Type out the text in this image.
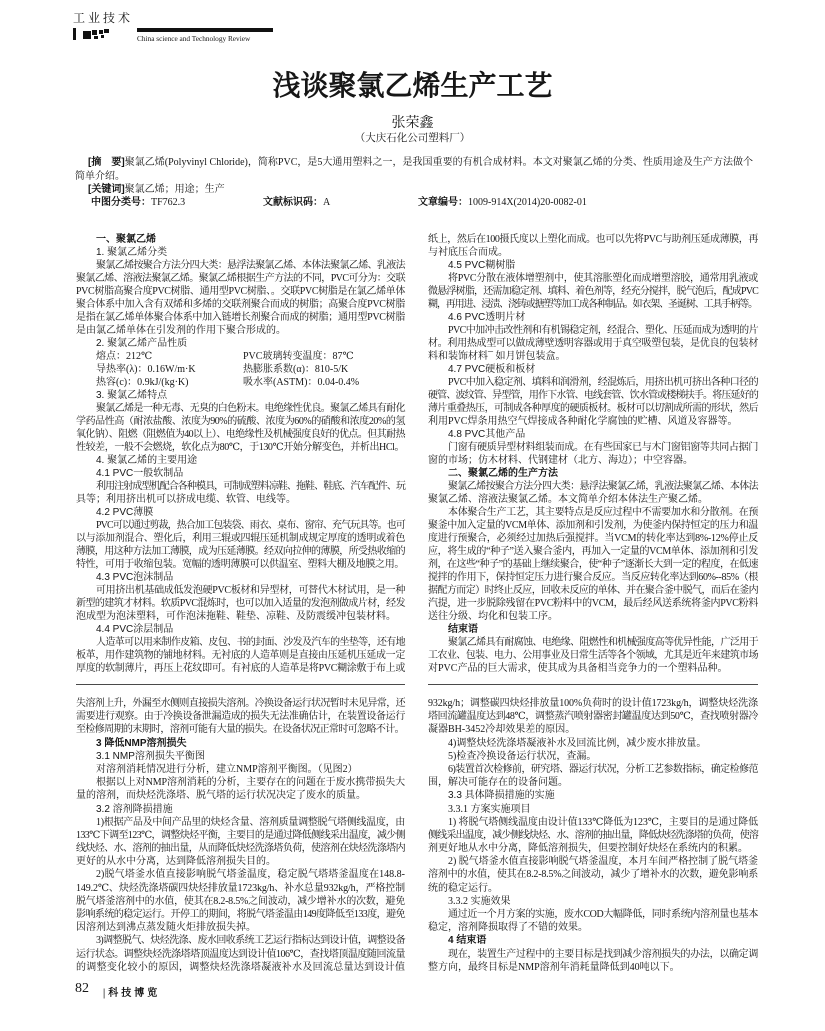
工业技术
China science and Technology Review
浅谈聚氯乙烯生产工艺
张荣鑫
（大庆石化公司塑料厂）
[摘　要]聚氯乙烯(Polyvinyl Chloride)，简称PVC，是5大通用塑料之一，是我国重要的有机合成材料。本文对聚氯乙烯的分类、性质用途及生产方法做个
简单介绍。
[关键词]聚氯乙烯；用途；生产
中图分类号：TF762.3	文献标识码：A	文章编号：1009-914X(2014)20-0082-01
一、聚氯乙烯
1. 聚氯乙烯分类
聚氯乙烯按聚合方法分四大类：悬浮法聚氯乙烯、本体法聚氯乙烯、乳液法
聚氯乙烯、溶液法聚氯乙烯。聚氯乙烯根据生产方法的不同，PVC可分为：交联
PVC树脂高聚合度PVC树脂、通用型PVC树脂、。交联PVC树脂是在氯乙烯单体
聚合体系中加入含有双烯和多烯的交联剂聚合而成的树脂；高聚合度PVC树脂
是指在氯乙烯单体聚合体系中加入链增长剂聚合而成的树脂；通用型PVC树脂
是由氯乙烯单体在引发剂的作用下聚合形成的。
2. 聚氯乙烯产品性质
熔点：212℃	PVC玻璃转变温度：87℃
导热率(λ)：0.16W/m·K	热膨胀系数(α)：810-5/K
热容(c)：0.9kJ/(kg·K)	吸水率(ASTM)：0.04-0.4%
3. 聚氯乙烯特点
聚氯乙烯是一种无毒、无臭的白色粉末。电绝缘性优良。聚氯乙烯具有耐化
学药品性高（耐浓盐酸、浓度为90%的硫酸、浓度为60%的硝酸和浓度20%的氢
氧化钠）、阻燃（阻燃值为40以上）、电绝缘性及机械强度良好的优点。但其耐热
性较差，一般不会燃烧，软化点为80℃，于130℃开始分解变色，并析出HCl。
4. 聚氯乙烯的主要用途
4.1 PVC一般软制品
利用注射成型机配合各种模具，可制成塑料凉鞋、拖鞋、鞋底、汽车配件、玩
具等；利用挤出机可以挤成电缆、软管、电线等。
4.2 PVC薄膜
PVC可以通过剪裁，热合加工包装袋、雨衣、桌布、窗帘、充气玩具等。也可
以与添加剂混合、塑化后，利用三辊或四辊压延机制成规定厚度的透明或着色
薄膜，用这种方法加工薄膜，成为压延薄膜。经双向拉伸的薄膜，所受热收缩的
特性，可用于收缩包装。宽幅的透明薄膜可以供温室、塑料大棚及地膜之用。
4.3 PVC泡沫制品
可用挤出机基础成低发泡硬PVC板材和异型材，可替代木材试用，是一种
新型的建筑才材料。软质PVC混炼时，也可以加入适量的发泡剂做成片材，经发
泡成型为泡沫塑料，可作泡沫拖鞋、鞋垫、凉鞋、及防震缓冲包装材料。
4.4 PVC涂层制品
人造革可以用来制作皮箱、皮包、书的封面、沙发及汽车的坐垫等，还有地
板革，用作建筑物的铺地材料。无衬底的人造革则是直接由压延机压延成一定
厚度的软制薄片，再压上花纹即可。有衬底的人造革是将PVC糊涂敷于布上或
纸上，然后在100摄氏度以上塑化而成。也可以先将PVC与助剂压延成薄膜，再
与衬底压合而成。
4.5 PVC糊树脂
将PVC分散在液体增塑剂中，使其溶胀塑化而成增塑溶胶，通常用乳液或
微悬浮树脂，还需加稳定剂、填料、着色剂等，经充分搅拌，脱气泡后，配成PVC
糊，再用进、浸渍、浇铸或搪塑等加工成各种制品。如衣架、圣诞树、工具手柄等。
4.6 PVC透明片材
PVC中加冲击改性剂和有机锡稳定剂，经混合、塑化、压延而成为透明的片
材。利用热成型可以做成薄壁透明容器或用于真空吸塑包装，是优良的包装材
料和装饰材料¯ 如月饼包装盒。
4.7 PVC硬板和板材
PVC中加入稳定剂、填料和润滑剂，经混炼后，用挤出机可挤出各种口径的
硬管、波纹管、异型管，用作下水管、电线套管、饮水管或楼梯扶手。将压延好的
薄片重叠热压，可制成各种厚度的硬质板材。板材可以切割成所需的形状，然后
利用PVC焊条用热空气焊接成各种耐化学腐蚀的贮槽、风道及容器等。
4.8 PVC其他产品
门窗有硬质异型材料组装而成。在有些国家已与木门窗铝窗等共同占据门
窗的市场；仿木材料、代钢建材（北方、海边）；中空容器。
二、聚氯乙烯的生产方法
聚氯乙烯按聚合方法分四大类：悬浮法聚氯乙烯，乳液法聚氯乙烯、本体法
聚氯乙烯、溶液法聚氯乙烯。本文简单介绍本体法生产聚乙烯。
本体聚合生产工艺，其主要特点是反应过程中不需要加水和分散剂。在预
聚釜中加入定量的VCM单体、添加剂和引发剂，为使釜内保持恒定的压力和温
度进行预聚合，必须经过加热后强搅拌。当VCM的转化率达到8%-12%停止反
应，将生成的“种子”送入聚合釜内，再加入一定量的VCM单体、添加剂和引发
剂，在这些“种子”的基础上继续聚合，使“种子”逐渐长大到一定的程度，在低速
搅拌的作用下，保持恒定压力进行聚合反应。当反应转化率达到60%--85%（根
据配方而定）时终止反应，回收未反应的单体、并在聚合釜中脱气，而后在釜内
汽提，进一步脱除残留在PVC粉料中的VCM，最后经风送系统将釜内PVC粉料
送往分级、均化和包装工序。
结束语
聚氯乙烯具有耐腐蚀、电绝缘、阻燃性和机械强度高等优异性能，广泛用于
工农业、包装、电力、公用事业及日常生活等各个领域，尤其是近年来建筑市场
对PVC产品的巨大需求，使其成为具备相当竞争力的一个塑料品种。
失溶剂上升，外漏至水侧则直接损失溶剂。冷换设备运行状况暂时未见异常，还
需要进行观察。由于冷换设备泄漏造成的损失无法准确估计，在装置设备运行
至检修周期的末期时，溶剂可能有大量的损失。在设备状况正常时可忽略不计。
3 降低NMP溶剂损失
3.1 NMP溶剂损失平衡图
对溶剂消耗情况进行分析，建立NMP溶剂平衡图。（见图2）
根据以上对NMP溶剂消耗的分析，主要存在的问题在于废水携带损失大
量的溶剂，而炔烃洗涤塔、脱气塔的运行状况决定了废水的质量。
3.2 溶剂降损措施
1)根据产品及中间产品里的炔烃含量、溶剂质量调整脱气塔侧线温度，由
133℃下调至123℃，调整炔烃平衡，主要目的是通过降低侧线采出温度，减少侧
线炔烃、水、溶剂的抽出量，从而降低炔烃洗涤塔负荷，使溶剂在炔烃洗涤塔内
更好的从水中分离，达到降低溶剂损失目的。
2)脱气塔釜水值直接影响脱气塔釜温度，稳定脱气塔塔釜温度在148.8-
149.2℃、炔烃洗涤塔碳四炔烃排放量1723kg/h、补水总量932kg/h，严格控制
脱气塔釜溶剂中的水值，使其在8.2-8.5%之间波动，减少增补水的次数，避免
影响系统的稳定运行。开停工的期间，将脱气塔釜温由149度降低至133度，避免
因溶剂达到沸点蒸发随火炬排放损失掉。
3)调整脱气、炔烃洗涤、废水回收系统工艺运行指标达到设计值，调整设备
运行状态。调整炔烃洗涤塔塔顶温度达到设计值106℃，查找塔顶温度随回流量
的调整变化较小的原因，调整炔烃洗涤塔凝液补水及回流总量达到设计值
932kg/h；调整碳四炔烃排放量100%负荷时的设计值1723kg/h，调整炔烃洗涤
塔回流罐温度达到48℃，调整蒸汽喷射器密封罐温度达到50℃，查找喷射器冷
凝器BH-3452冷却效果差的原因。
4)调整炔烃洗涤塔凝液补水及回流比例，减少废水排放量。
5)检查冷换设备运行状况，查漏。
6)装置首次检修前，研究塔、器运行状况，分析工艺参数指标，确定检修范
围，解决可能存在的设备问题。
3.3 具体降损措施的实施
3.3.1 方案实施项目
1) 将脱气塔侧线温度由设计值133℃降低为123℃，主要目的是通过降低
侧线采出温度，减少侧线炔烃、水、溶剂的抽出量，降低炔烃洗涤塔的负荷，使溶
剂更好地从水中分离，降低溶剂损失，但要控制好炔烃在系统内的积累。
2) 脱气塔釜水值直接影响脱气塔釜温度，本月车间严格控制了脱气塔釜
溶剂中的水值，使其在8.2-8.5%之间波动，减少了增补水的次数，避免影响系
统的稳定运行。
3.3.2 实施效果
通过近一个月方案的实施，废水COD大幅降低，同时系统内溶剂量也基本
稳定，溶剂降损取得了不错的效果。
4 结束语
现在，装置生产过程中的主要目标是找到减少溶剂损失的办法，以确定调
整方向，最终目标是NMP溶剂年消耗量降低到40吨以下。
82 |科技博览
